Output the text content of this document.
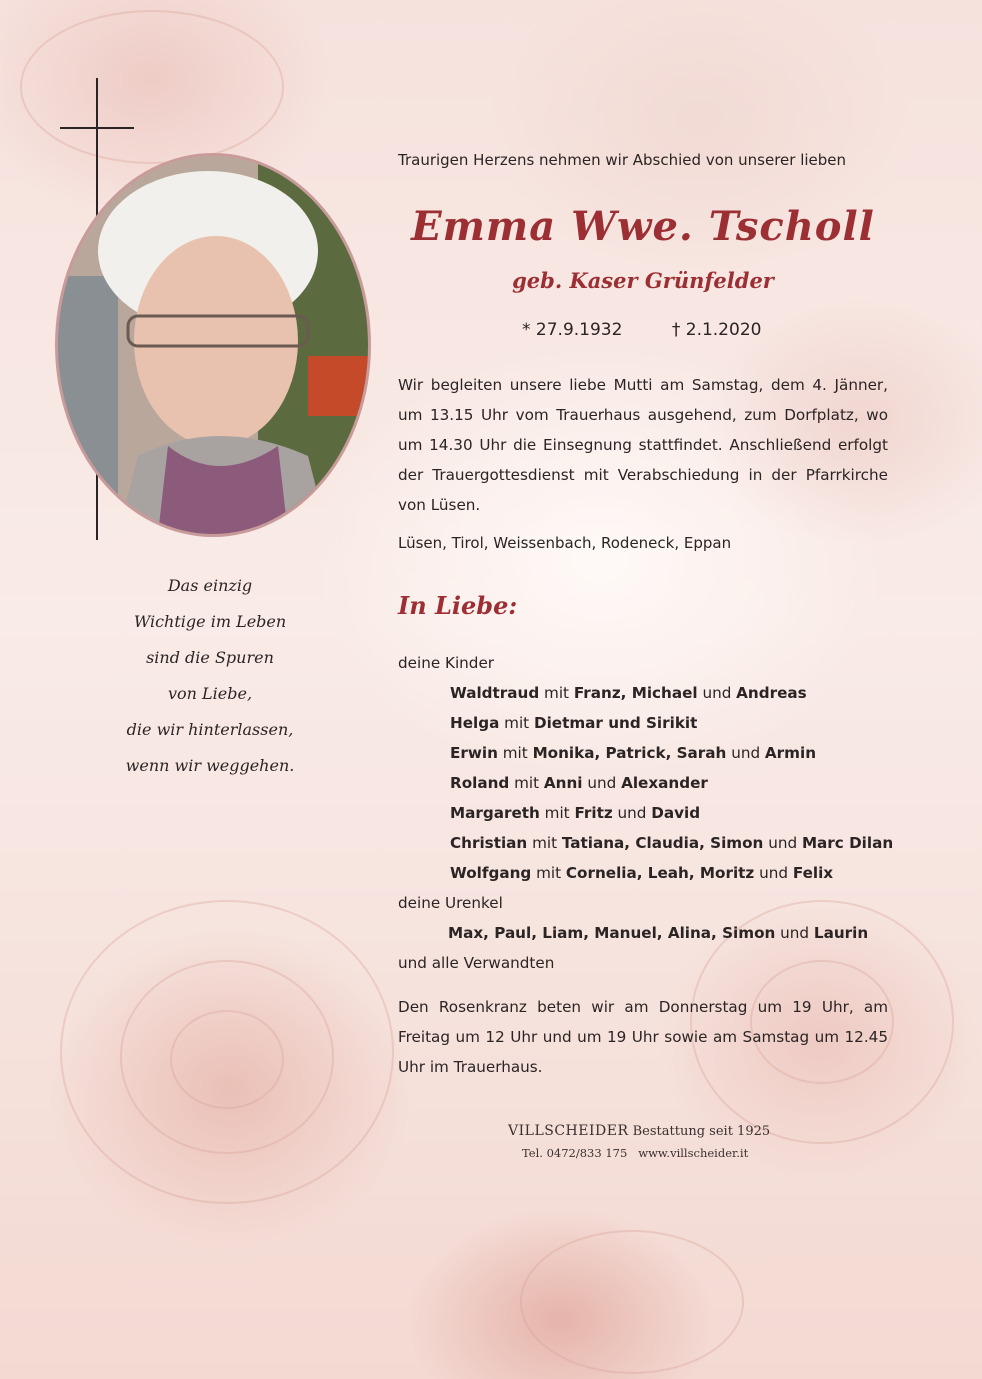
Das einzig
Wichtige im Leben
sind die Spuren
von Liebe,
die wir hinterlassen,
wenn wir weggehen.
Traurigen Herzens nehmen wir Abschied von unserer lieben
Emma Wwe. Tscholl
geb. Kaser Grünfelder
* 27.9.1932	† 2.1.2020
Wir begleiten unsere liebe Mutti am Samstag, dem 4. Jänner, um 13.15 Uhr vom Trauerhaus ausgehend, zum Dorfplatz, wo um 14.30 Uhr die Einsegnung stattfindet. Anschließend erfolgt der Trauergottesdienst mit Verabschiedung in der Pfarrkirche von Lüsen.
Lüsen, Tirol, Weissenbach, Rodeneck, Eppan
In Liebe:
deine Kinder
Waldtraud mit Franz, Michael und Andreas
Helga mit Dietmar und Sirikit
Erwin mit Monika, Patrick, Sarah und Armin
Roland mit Anni und Alexander
Margareth mit Fritz und David
Christian mit Tatiana, Claudia, Simon und Marc Dilan
Wolfgang mit Cornelia, Leah, Moritz und Felix
deine Urenkel
Max, Paul, Liam, Manuel, Alina, Simon und Laurin
und alle Verwandten
Den Rosenkranz beten wir am Donnerstag um 19 Uhr, am Freitag um 12 Uhr und um 19 Uhr sowie am Samstag um 12.45 Uhr im Trauerhaus.
VILLSCHEIDER Bestattung seit 1925
Tel. 0472/833 175 www.villscheider.it
